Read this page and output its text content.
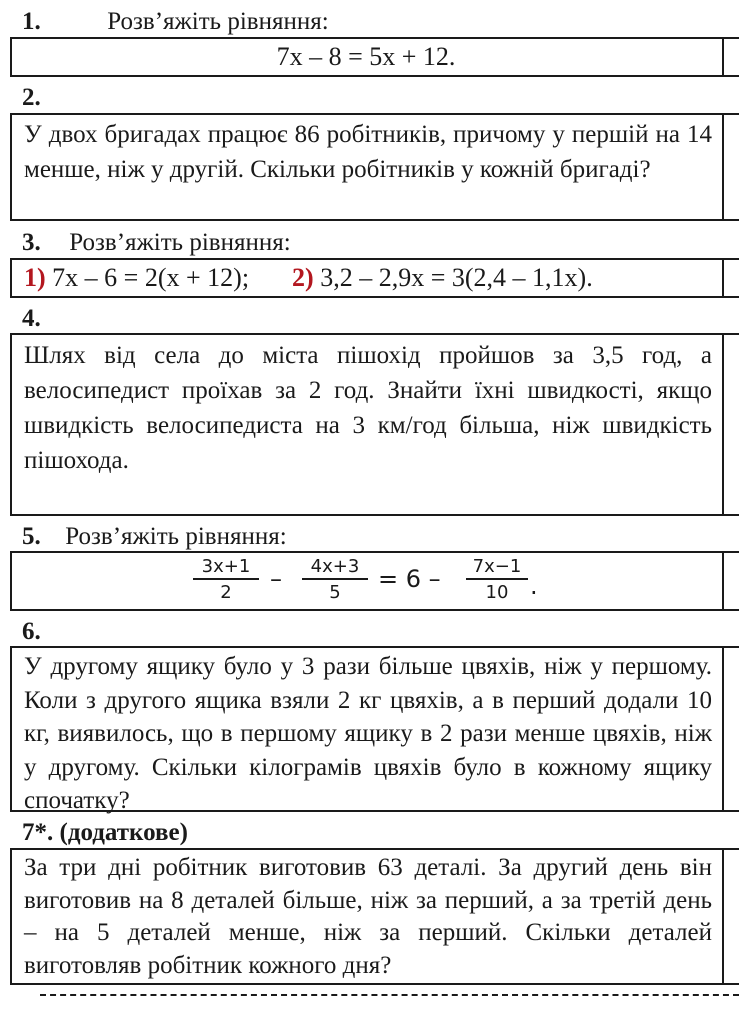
1.	Розв’яжіть рівняння:
7x – 8 = 5x + 12.
2.
У двох бригадах працює 86 робітників, причому у першій на 14 менше, ніж у другій. Скільки робітників у кожній бригаді?
3. Розв’яжіть рівняння:
1) 7x – 6 = 2(x + 12); 2) 3,2 – 2,9x = 3(2,4 – 1,1x).
4.
Шлях від села до міста пішохід пройшов за 3,5 год, а велосипедист проїхав за 2 год. Знайти їхні швидкості, якщо швидкість велосипедиста на 3 км/год більша, ніж швидкість пішохода.
5. Розв’яжіть рівняння:
3x+1
2	–	4x+3
5	= 6 –	7x−1
10 .
6.
У другому ящику було у 3 рази більше цвяхів, ніж у першому. Коли з другого ящика взяли 2 кг цвяхів, а в перший додали 10 кг, виявилось, що в першому ящику в 2 рази менше цвяхів, ніж у другому. Скільки кілограмів цвяхів було в кожному ящику спочатку?
7*. (додаткове)
За три дні робітник виготовив 63 деталі. За другий день він виготовив на 8 деталей більше, ніж за перший, а за третій день – на 5 деталей менше, ніж за перший. Скільки деталей виготовляв робітник кожного дня?
